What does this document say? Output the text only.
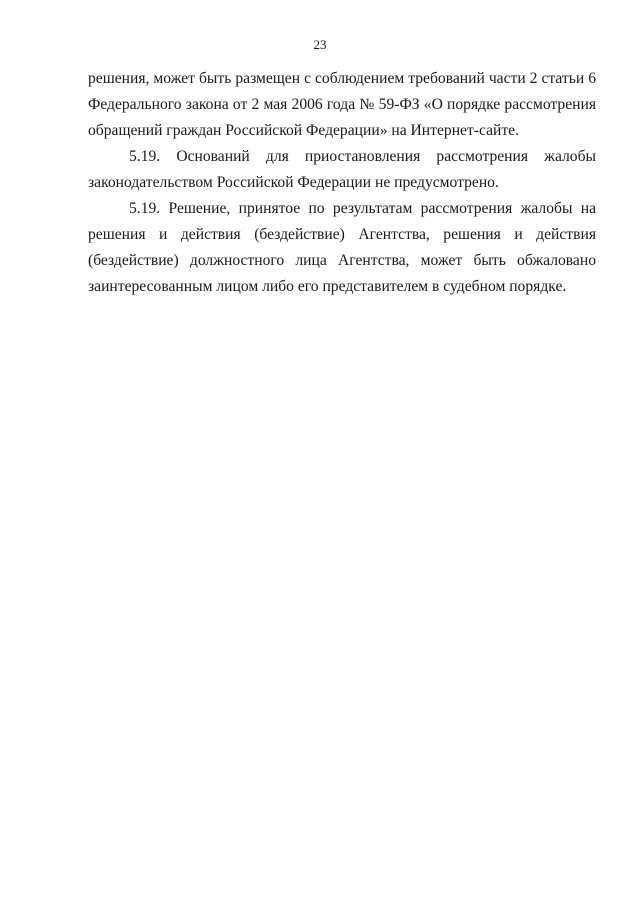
23
решения, может быть размещен с соблюдением требований части 2 статьи 6
Федерального закона от 2 мая 2006 года № 59-ФЗ «О порядке рассмотрения
обращений граждан Российской Федерации» на Интернет-сайте.
5.19. Оснований для приостановления рассмотрения жалобы
законодательством Российской Федерации не предусмотрено.
5.19. Решение, принятое по результатам рассмотрения жалобы на
решения и действия (бездействие) Агентства, решения и действия
(бездействие) должностного лица Агентства, может быть обжаловано
заинтересованным лицом либо его представителем в судебном порядке.
